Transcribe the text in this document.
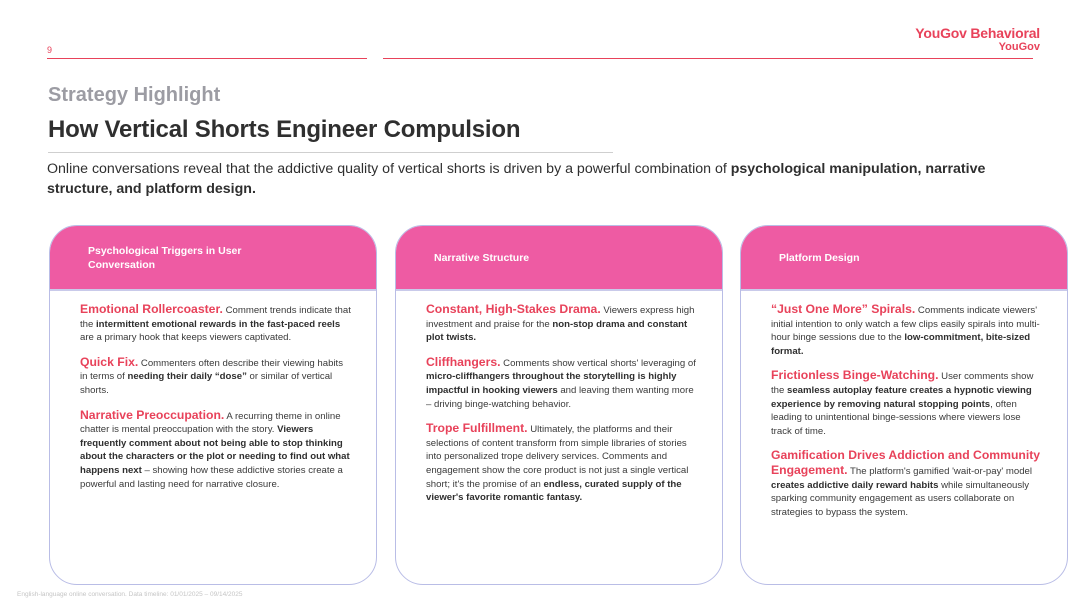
9
YouGov Behavioral
YouGov
Strategy Highlight
How Vertical Shorts Engineer Compulsion
Online conversations reveal that the addictive quality of vertical shorts is driven by a powerful combination of psychological manipulation, narrative structure, and platform design.
Psychological Triggers in User Conversation
Emotional Rollercoaster. Comment trends indicate that the intermittent emotional rewards in the fast-paced reels are a primary hook that keeps viewers captivated.
Quick Fix. Commenters often describe their viewing habits in terms of needing their daily “dose” or similar of vertical shorts.
Narrative Preoccupation. A recurring theme in online chatter is mental preoccupation with the story. Viewers frequently comment about not being able to stop thinking about the characters or the plot or needing to find out what happens next – showing how these addictive stories create a powerful and lasting need for narrative closure.
Narrative Structure
Constant, High-Stakes Drama. Viewers express high investment and praise for the non-stop drama and constant plot twists.
Cliffhangers. Comments show vertical shorts' leveraging of micro-cliffhangers throughout the storytelling is highly impactful in hooking viewers and leaving them wanting more – driving binge-watching behavior.
Trope Fulfillment. Ultimately, the platforms and their selections of content transform from simple libraries of stories into personalized trope delivery services. Comments and engagement show the core product is not just a single vertical short; it's the promise of an endless, curated supply of the viewer's favorite romantic fantasy.
Platform Design
“Just One More” Spirals. Comments indicate viewers' initial intention to only watch a few clips easily spirals into multi-hour binge sessions due to the low-commitment, bite-sized format.
Frictionless Binge-Watching. User comments show the seamless autoplay feature creates a hypnotic viewing experience by removing natural stopping points, often leading to unintentional binge-sessions where viewers lose track of time.
Gamification Drives Addiction and Community Engagement. The platform's gamified 'wait-or-pay' model creates addictive daily reward habits while simultaneously sparking community engagement as users collaborate on strategies to bypass the system.
English-language online conversation. Data timeline: 01/01/2025 – 09/14/2025
